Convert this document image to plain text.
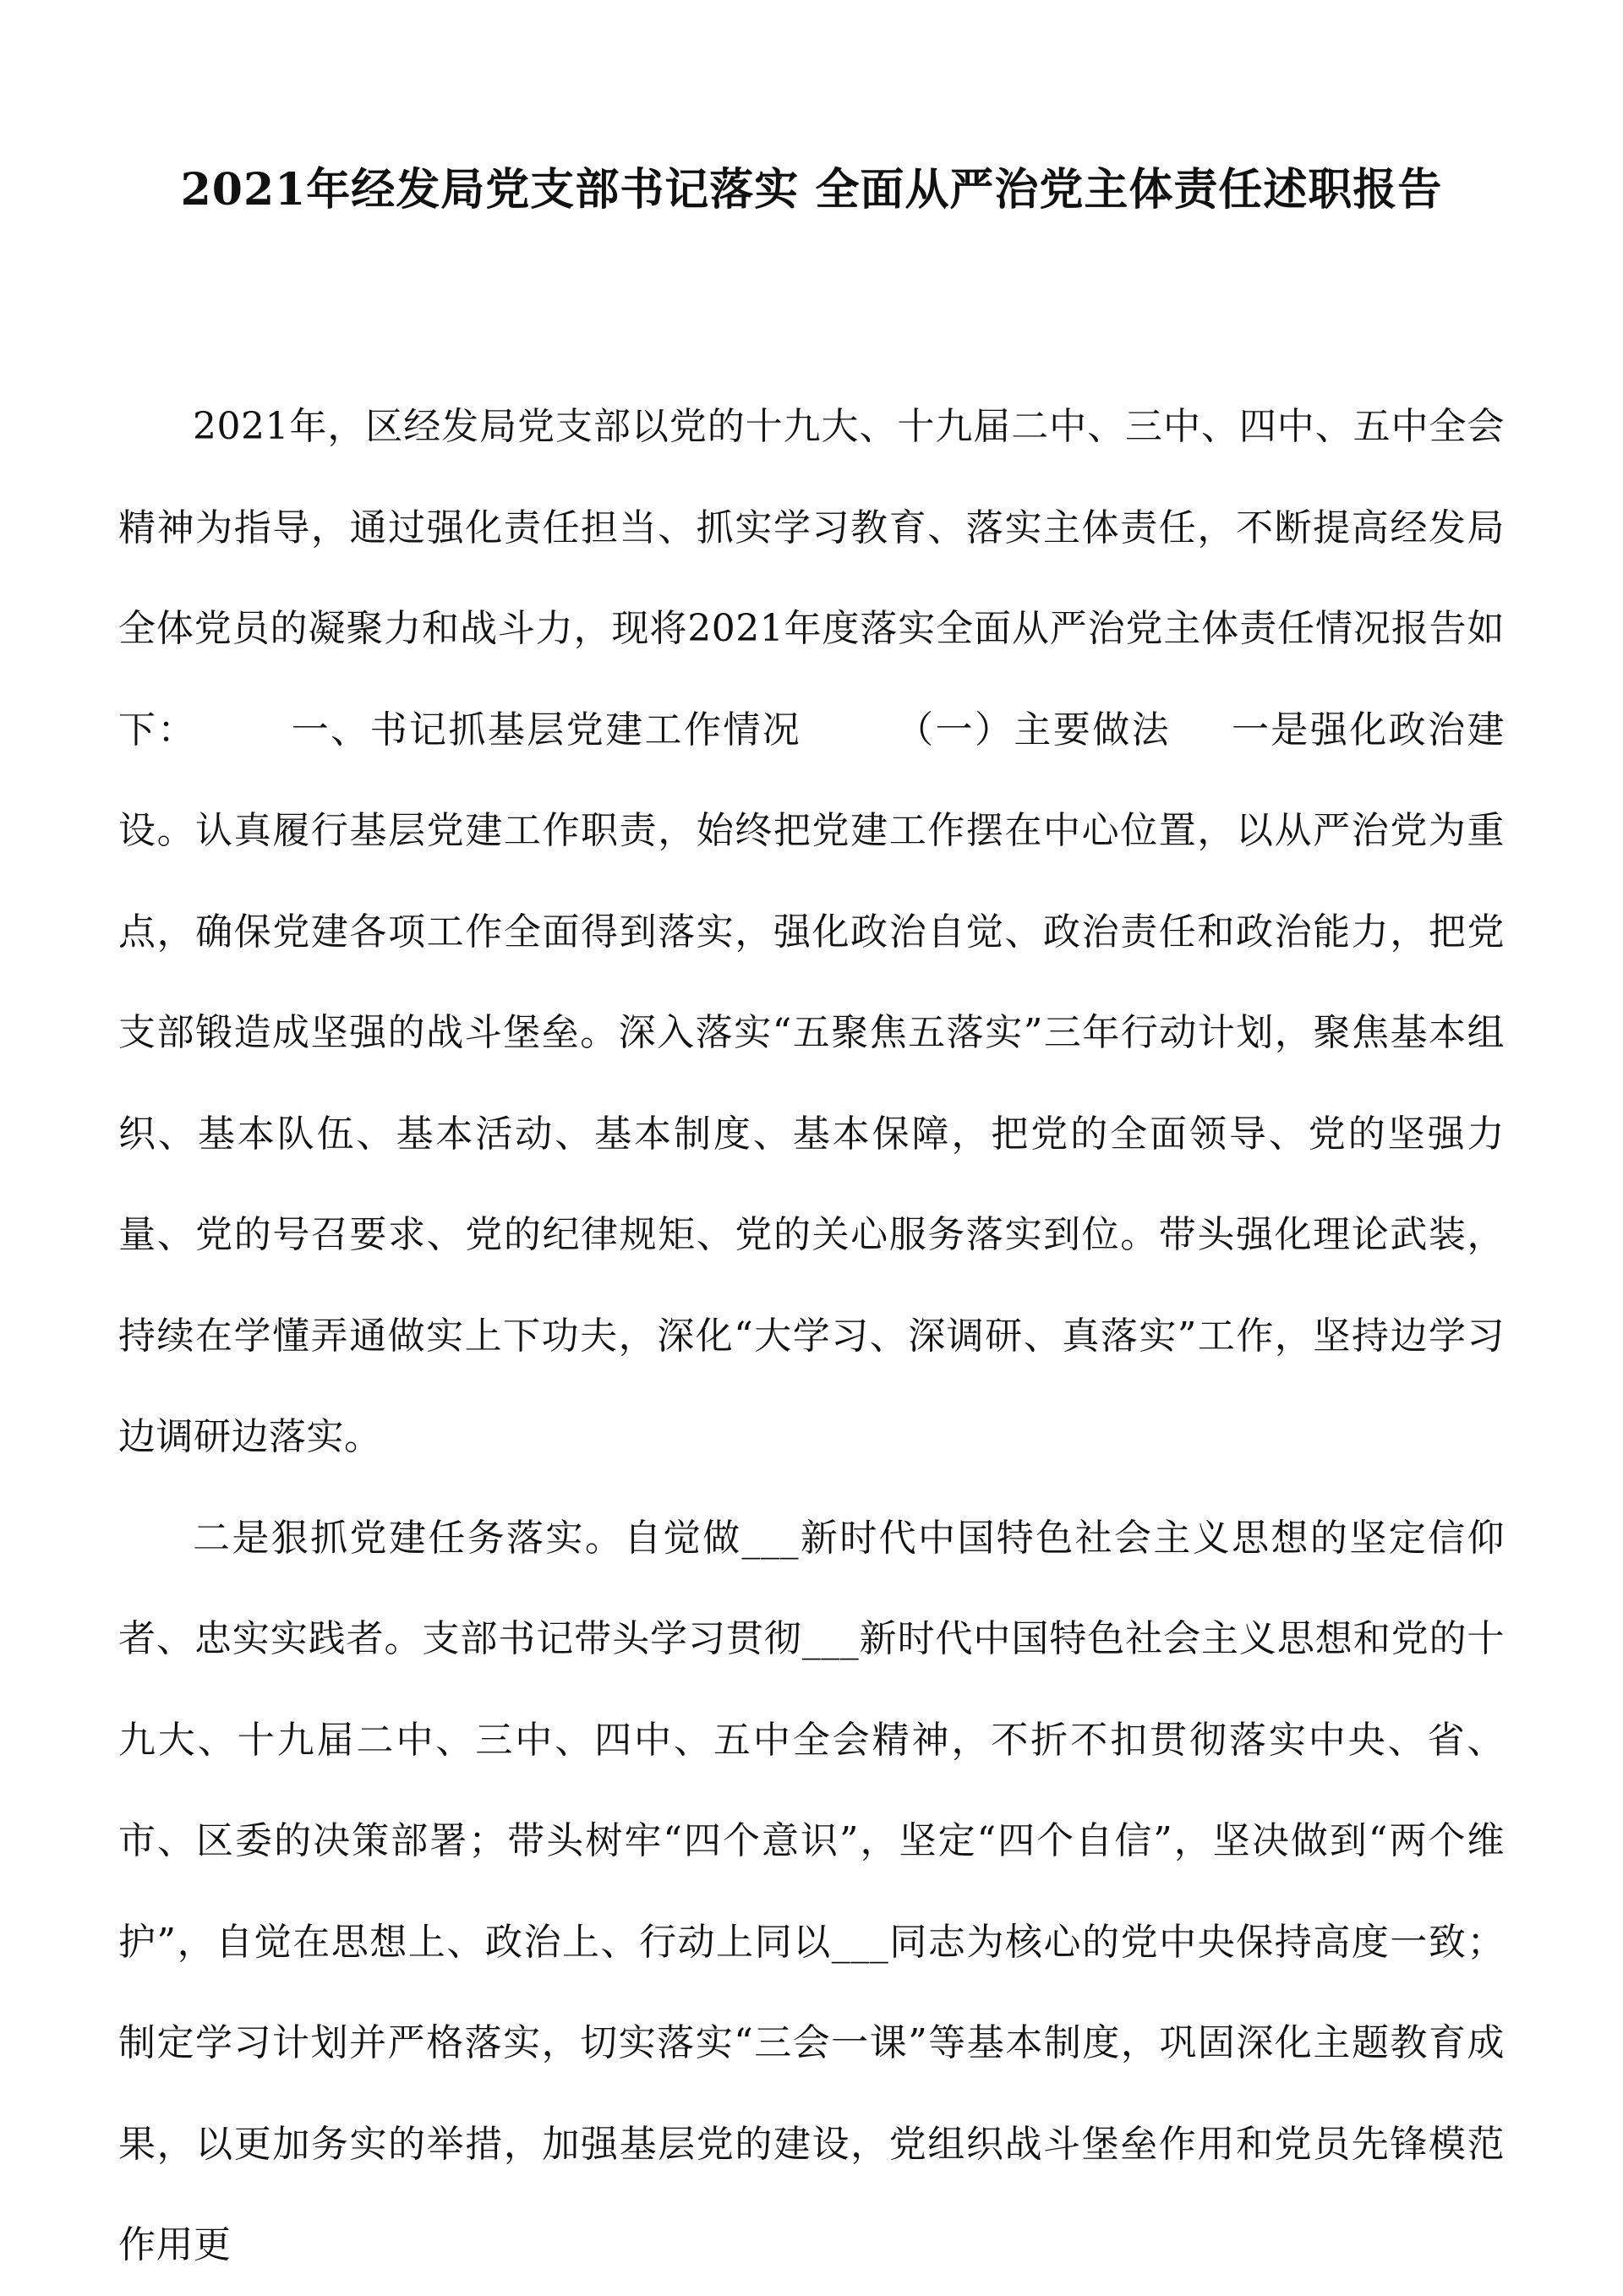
2021年经发局党支部书记落实 全面从严治党主体责任述职报告

2021年，区经发局党支部以党的十九大、十九届二中、三中、四中、五中全会精神为指导，通过强化责任担当、抓实学习教育、落实主体责任，不断提高经发局全体党员的凝聚力和战斗力，现将2021年度落实全面从严治党主体责任情况报告如下：	一、书记抓基层党建工作情况	（一）主要做法 一是强化政治建设。认真履行基层党建工作职责，始终把党建工作摆在中心位置，以从严治党为重点，确保党建各项工作全面得到落实，强化政治自觉、政治责任和政治能力，把党支部锻造成坚强的战斗堡垒。深入落实“五聚焦五落实”三年行动计划，聚焦基本组织、基本队伍、基本活动、基本制度、基本保障，把党的全面领导、党的坚强力量、党的号召要求、党的纪律规矩、党的关心服务落实到位。带头强化理论武装，持续在学懂弄通做实上下功夫，深化“大学习、深调研、真落实”工作，坚持边学习边调研边落实。

二是狠抓党建任务落实。自觉做___新时代中国特色社会主义思想的坚定信仰者、忠实实践者。支部书记带头学习贯彻___新时代中国特色社会主义思想和党的十九大、十九届二中、三中、四中、五中全会精神，不折不扣贯彻落实中央、省、市、区委的决策部署；带头树牢“四个意识”，坚定“四个自信”，坚决做到“两个维护”，自觉在思想上、政治上、行动上同以___同志为核心的党中央保持高度一致；制定学习计划并严格落实，切实落实“三会一课”等基本制度，巩固深化主题教育成果，以更加务实的举措，加强基层党的建设，党组织战斗堡垒作用和党员先锋模范作用更
